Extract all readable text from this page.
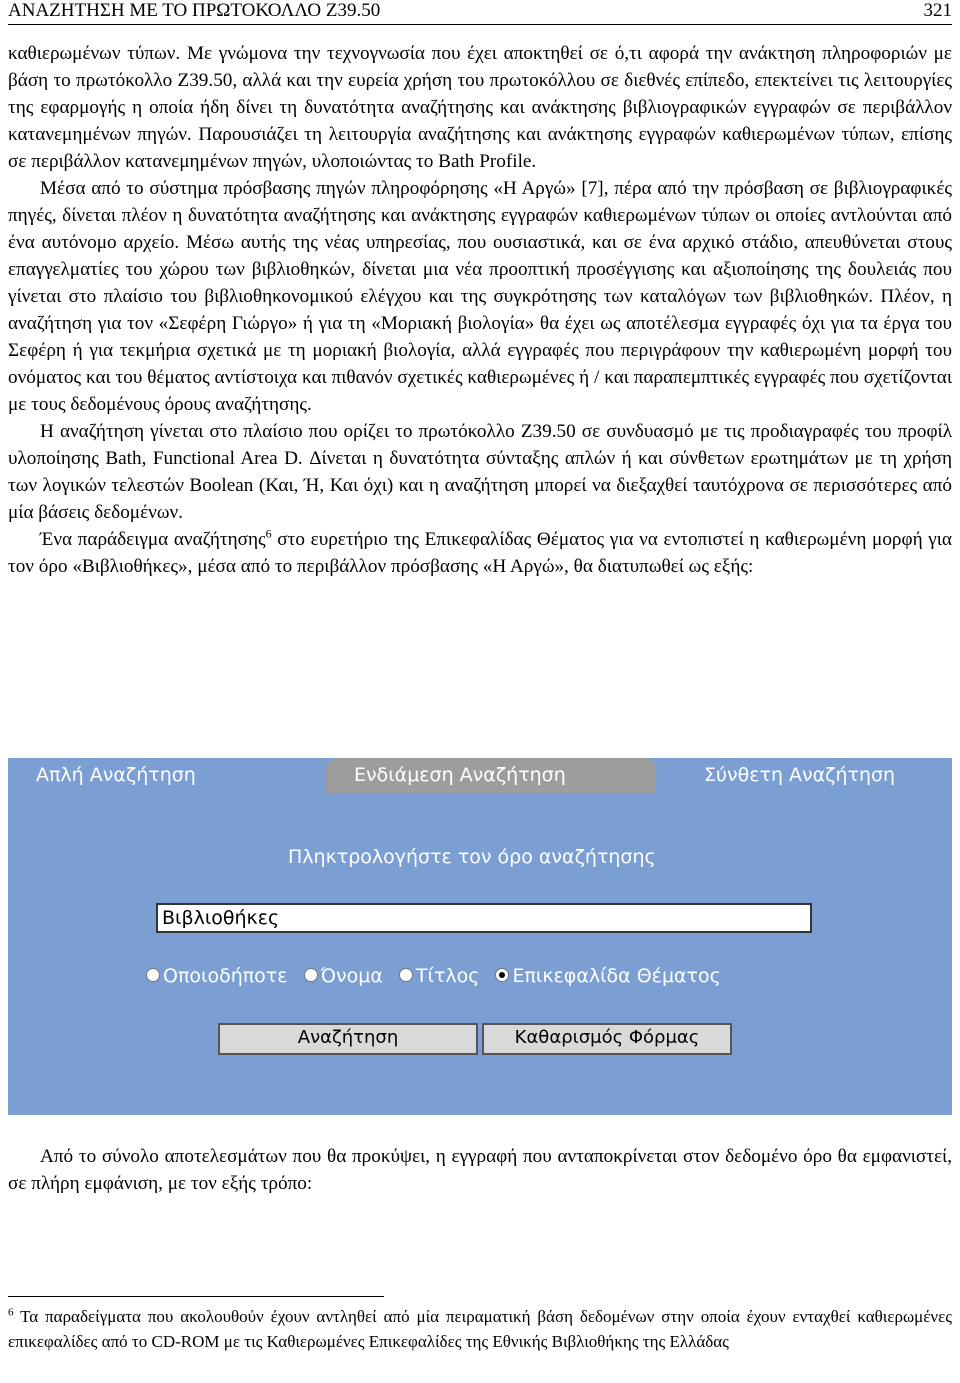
ΑΝΑΖΗΤΗΣΗ ΜΕ ΤΟ ΠΡΩΤΟΚΟΛΛΟ Z39.50	321

καθιερωμένων τύπων. Με γνώμονα την τεχνογνωσία που έχει αποκτηθεί σε ό,τι αφορά την ανάκτηση πληροφοριών με βάση το πρωτόκολλο Z39.50, αλλά και την ευρεία χρήση του πρωτοκόλλου σε διεθνές επίπεδο, επεκτείνει τις λειτουργίες της εφαρμογής η οποία ήδη δίνει τη δυνατότητα αναζήτησης και ανάκτησης βιβλιογραφικών εγγραφών σε περιβάλλον κατανεμημένων πηγών. Παρουσιάζει τη λειτουργία αναζήτησης και ανάκτησης εγγραφών καθιερωμένων τύπων, επίσης σε περιβάλλον κατανεμημένων πηγών, υλοποιώντας το Bath Profile.

Μέσα από το σύστημα πρόσβασης πηγών πληροφόρησης «Η Αργώ» [7], πέρα από την πρόσβαση σε βιβλιογραφικές πηγές, δίνεται πλέον η δυνατότητα αναζήτησης και ανάκτησης εγγραφών καθιερωμένων τύπων οι οποίες αντλούνται από ένα αυτόνομο αρχείο. Μέσω αυτής της νέας υπηρεσίας, που ουσιαστικά, και σε ένα αρχικό στάδιο, απευθύνεται στους επαγγελματίες του χώρου των βιβλιοθηκών, δίνεται μια νέα προοπτική προσέγγισης και αξιοποίησης της δουλειάς που γίνεται στο πλαίσιο του βιβλιοθηκονομικού ελέγχου και της συγκρότησης των καταλόγων των βιβλιοθηκών. Πλέον, η αναζήτηση για τον «Σεφέρη Γιώργο» ή για τη «Μοριακή βιολογία» θα έχει ως αποτέλεσμα εγγραφές όχι για τα έργα του Σεφέρη ή για τεκμήρια σχετικά με τη μοριακή βιολογία, αλλά εγγραφές που περιγράφουν την καθιερωμένη μορφή του ονόματος και του θέματος αντίστοιχα και πιθανόν σχετικές καθιερωμένες ή / και παραπεμπτικές εγγραφές που σχετίζονται με τους δεδομένους όρους αναζήτησης.

Η αναζήτηση γίνεται στο πλαίσιο που ορίζει το πρωτόκολλο Z39.50 σε συνδυασμό με τις προδιαγραφές του προφίλ υλοποίησης Bath, Functional Area D. Δίνεται η δυνατότητα σύνταξης απλών ή και σύνθετων ερωτημάτων με τη χρήση των λογικών τελεστών Boolean (Και, Ή, Και όχι) και η αναζήτηση μπορεί να διεξαχθεί ταυτόχρονα σε περισσότερες από μία βάσεις δεδομένων.

Ένα παράδειγμα αναζήτησης$^6$ στο ευρετήριο της Επικεφαλίδας Θέματος για να εντοπιστεί η καθιερωμένη μορφή για τον όρο «Βιβλιοθήκες», μέσα από το περιβάλλον πρόσβασης «Η Αργώ», θα διατυπωθεί ως εξής:

Απλή Αναζήτηση	Ενδιάμεση Αναζήτηση	Σύνθετη Αναζήτηση
Πληκτρολογήστε τον όρο αναζήτησης
Βιβλιοθήκες
Οποιοδήποτε Όνομα Τίτλος Επικεφαλίδα Θέματος
Αναζήτηση	Καθαρισμός Φόρμας

Από το σύνολο αποτελεσμάτων που θα προκύψει, η εγγραφή που ανταποκρίνεται στον δεδομένο όρο θα εμφανιστεί, σε πλήρη εμφάνιση, με τον εξής τρόπο:

$^6$ Τα παραδείγματα που ακολουθούν έχουν αντληθεί από μία πειραματική βάση δεδομένων στην οποία έχουν ενταχθεί καθιερωμένες επικεφαλίδες από το CD-ROM με τις Καθιερωμένες Επικεφαλίδες της Εθνικής Βιβλιοθήκης της Ελλάδας
